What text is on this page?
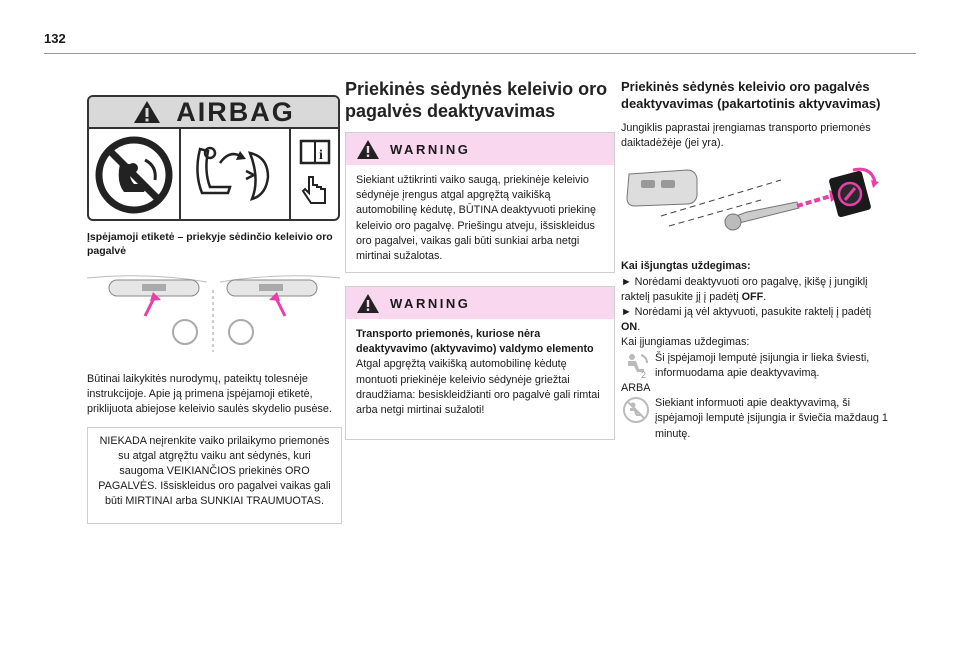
132
AIRBAG
i
Įspėjamoji etiketė – priekyje sėdinčio keleivio oro pagalvė
Būtinai laikykitės nurodymų, pateiktų tolesnėje instrukcijoje. Apie ją primena įspėjamoji etiketė, priklijuota abiejose keleivio saulės skydelio pusėse.
NIEKADA neįrenkite vaiko prilaikymo priemonės su atgal atgręžtu vaiku ant sėdynės, kuri saugoma VEIKIANČIOS priekinės ORO PAGALVĖS. Išsiskleidus oro pagalvei vaikas gali būti MIRTINAI arba SUNKIAI TRAUMUOTAS.
Priekinės sėdynės keleivio oro pagalvės deaktyvavimas
WARNING
Siekiant užtikrinti vaiko saugą, priekinėje keleivio sėdynėje įrengus atgal apgręžtą vaikišką automobilinę kėdutę, BŪTINA deaktyvuoti priekinę keleivio oro pagalvę. Priešingu atveju, išsiskleidus oro pagalvei, vaikas gali būti sunkiai arba netgi mirtinai sužalotas.
WARNING
Transporto priemonės, kuriose nėra deaktyvavimo (aktyvavimo) valdymo elemento
Atgal apgręžtą vaikišką automobilinę kėdutę montuoti priekinėje keleivio sėdynėje griežtai draudžiama: besiskleidžianti oro pagalvė gali rimtai arba netgi mirtinai sužaloti!
Priekinės sėdynės keleivio oro pagalvės deaktyvavimas (pakartotinis aktyvavimas)
Jungiklis paprastai įrengiamas transporto priemonės daiktadėžėje (jei yra).
Kai išjungtas uždegimas:
► Norėdami deaktyvuoti oro pagalvę, įkišę į jungiklį raktelį pasukite jį į padėtį OFF.
► Norėdami ją vėl aktyvuoti, pasukite raktelį į padėtį ON.
Kai įjungiamas uždegimas:
2
Ši įspėjamoji lemputė įsijungia ir lieka šviesti, informuodama apie deaktyvavimą.
ARBA
Siekiant informuoti apie deaktyvavimą, ši įspėjamoji lemputė įsijungia ir šviečia maždaug 1 minutę.
